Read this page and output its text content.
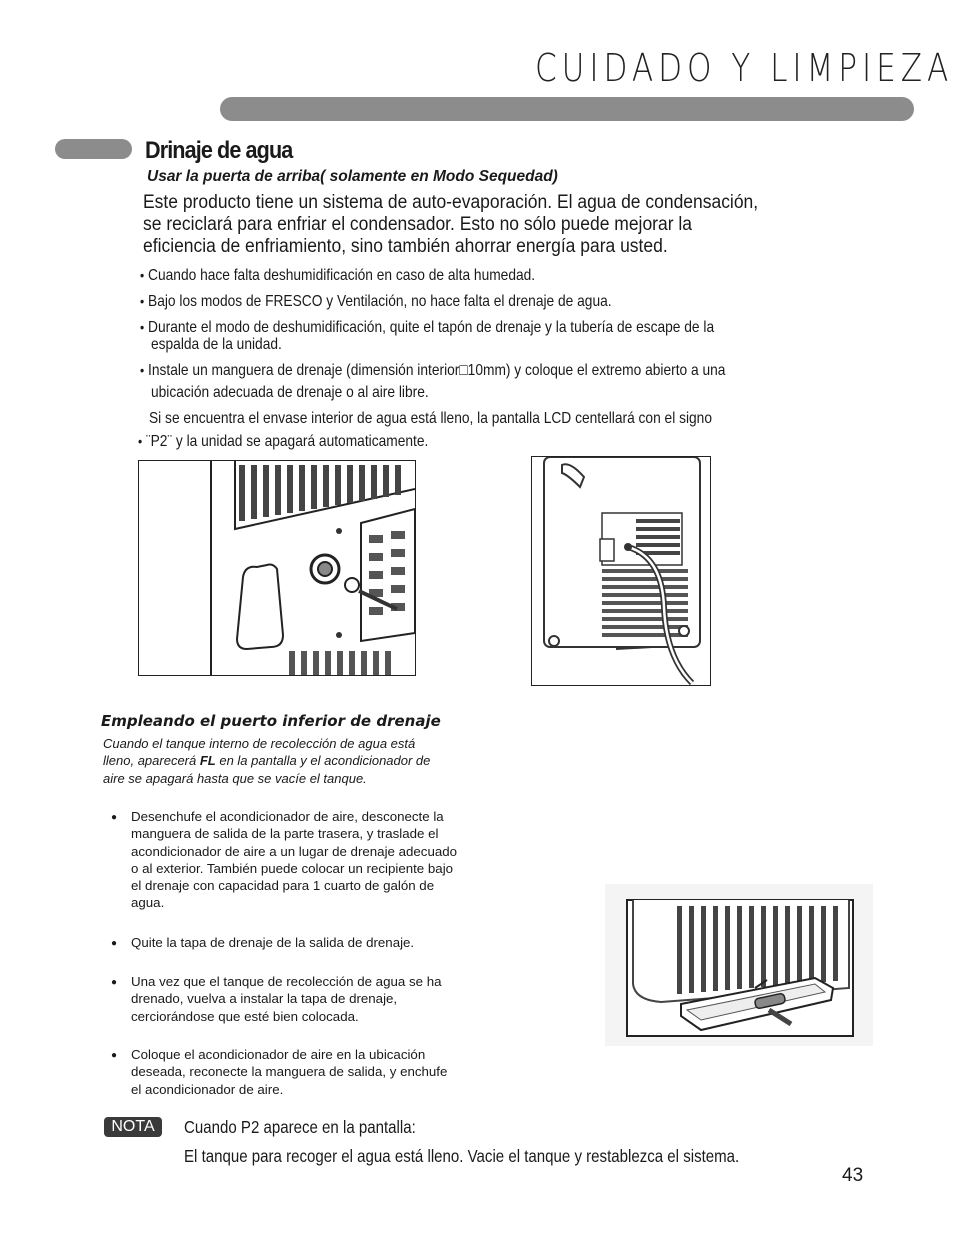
CUIDADO Y LIMPIEZA
Drinaje de agua
Usar la puerta de arriba( solamente en Modo Sequedad)
Este producto tiene un sistema de auto-evaporación. El agua de condensación, se reciclará para enfriar el condensador. Esto no sólo puede mejorar la eficiencia de enfriamiento, sino también ahorrar energía para usted.
• Cuando hace falta deshumidificación en caso de alta humedad.
• Bajo los modos de FRESCO y Ventilación, no hace falta el drenaje de agua.
• Durante el modo de deshumidificación, quite el tapón de drenaje y la tubería de escape de la
espalda de la unidad.
• Instale un manguera de drenaje (dimensión interior□10mm) y coloque el extremo abierto a una
ubicación adecuada de drenaje o al aire libre.
Si se encuentra el envase interior de agua está lleno, la pantalla LCD centellará con el signo
• ¨P2¨ y la unidad se apagará automaticamente.
Empleando el puerto inferior de drenaje
Cuando el tanque interno de recolección de agua está lleno, aparecerá FL en la pantalla y el acondicionador de aire se apagará hasta que se vacíe el tanque.
● Desenchufe el acondicionador de aire, desconecte la manguera de salida de la parte trasera, y traslade el acondicionador de aire a un lugar de drenaje adecuado o al exterior. También puede colocar un recipiente bajo el drenaje con capacidad para 1 cuarto de galón de agua.
● Quite la tapa de drenaje de la salida de drenaje.
● Una vez que el tanque de recolección de agua se ha drenado, vuelva a instalar la tapa de drenaje, cerciorándose que esté bien colocada.
● Coloque el acondicionador de aire en la ubicación deseada, reconecte la manguera de salida, y enchufe el acondicionador de aire.
NOTA	Cuando P2 aparece en la pantalla:
El tanque para recoger el agua está lleno. Vacie el tanque y restablezca el sistema.
43
